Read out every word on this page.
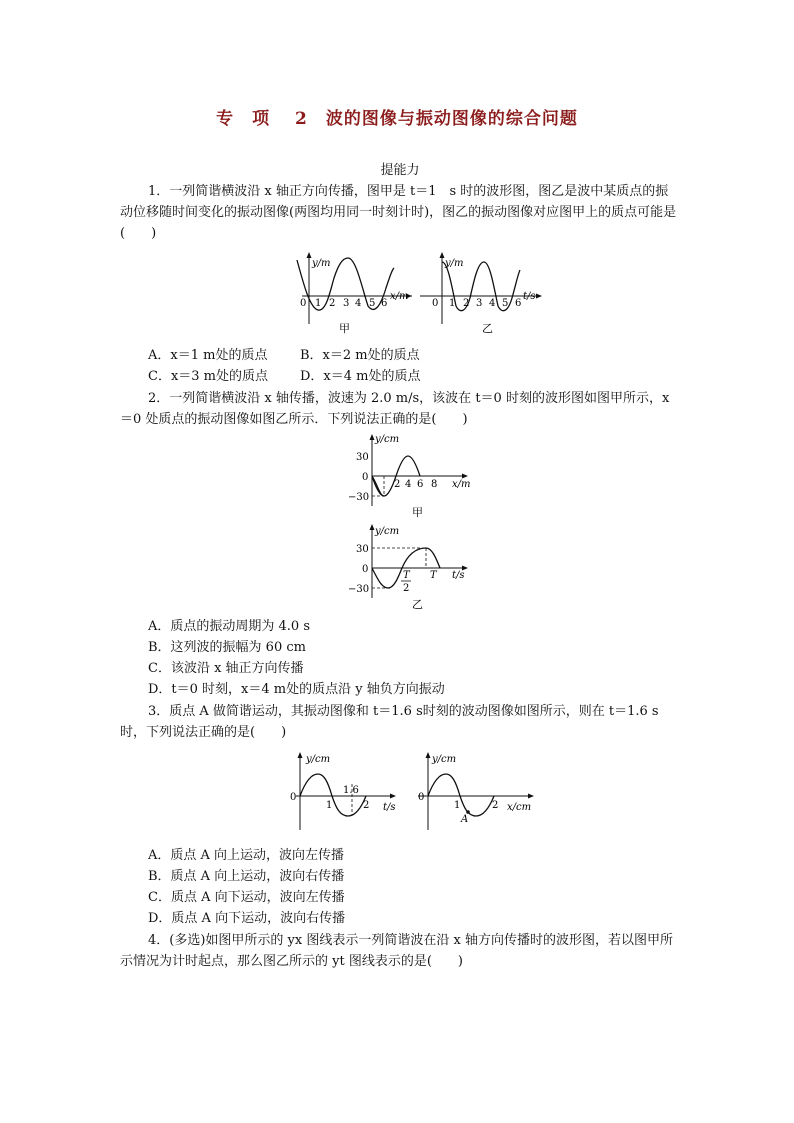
专　项　 2　波的图像与振动图像的综合问题
提能力
1．一列简谐横波沿 x 轴正方向传播，图甲是 t＝1　s 时的波形图，图乙是波中某质点的振动位移随时间变化的振动图像(两图均用同一时刻计时)，图乙的振动图像对应图甲上的质点可能是(　　)
y/m
0 1 2 3 4 5 6
x/m
甲
y/m
0 1 2 3 4 5 6
t/s
乙
A．x＝1 m处的质点	B．x＝2 m处的质点
C．x＝3 m处的质点 D．x＝4 m处的质点
2．一列简谐横波沿 x 轴传播，波速为 2.0 m/s，该波在 t＝0 时刻的波形图如图甲所示，x＝0 处质点的振动图像如图乙所示．下列说法正确的是(　　)
y/cm
30
0
−30
2 4 6 8 x/m
甲
y/cm
30
0
−30
T
2
T t/s
乙
A．质点的振动周期为 4.0 s
B．这列波的振幅为 60 cm
C．该波沿 x 轴正方向传播
D．t＝0 时刻，x＝4 m处的质点沿 y 轴负方向振动
3．质点 A 做简谐运动，其振动图像和 t＝1.6 s时刻的波动图像如图所示，则在 t＝1.6 s时，下列说法正确的是(　　)
y/cm
0
1
1.6
2 t/s
y/cm
0
1	2
A
x/cm
A．质点 A 向上运动，波向左传播
B．质点 A 向上运动，波向右传播
C．质点 A 向下运动，波向左传播
D．质点 A 向下运动，波向右传播
4．(多选)如图甲所示的 yx 图线表示一列简谐波在沿 x 轴方向传播时的波形图，若以图甲所示情况为计时起点，那么图乙所示的 yt 图线表示的是(　　)
